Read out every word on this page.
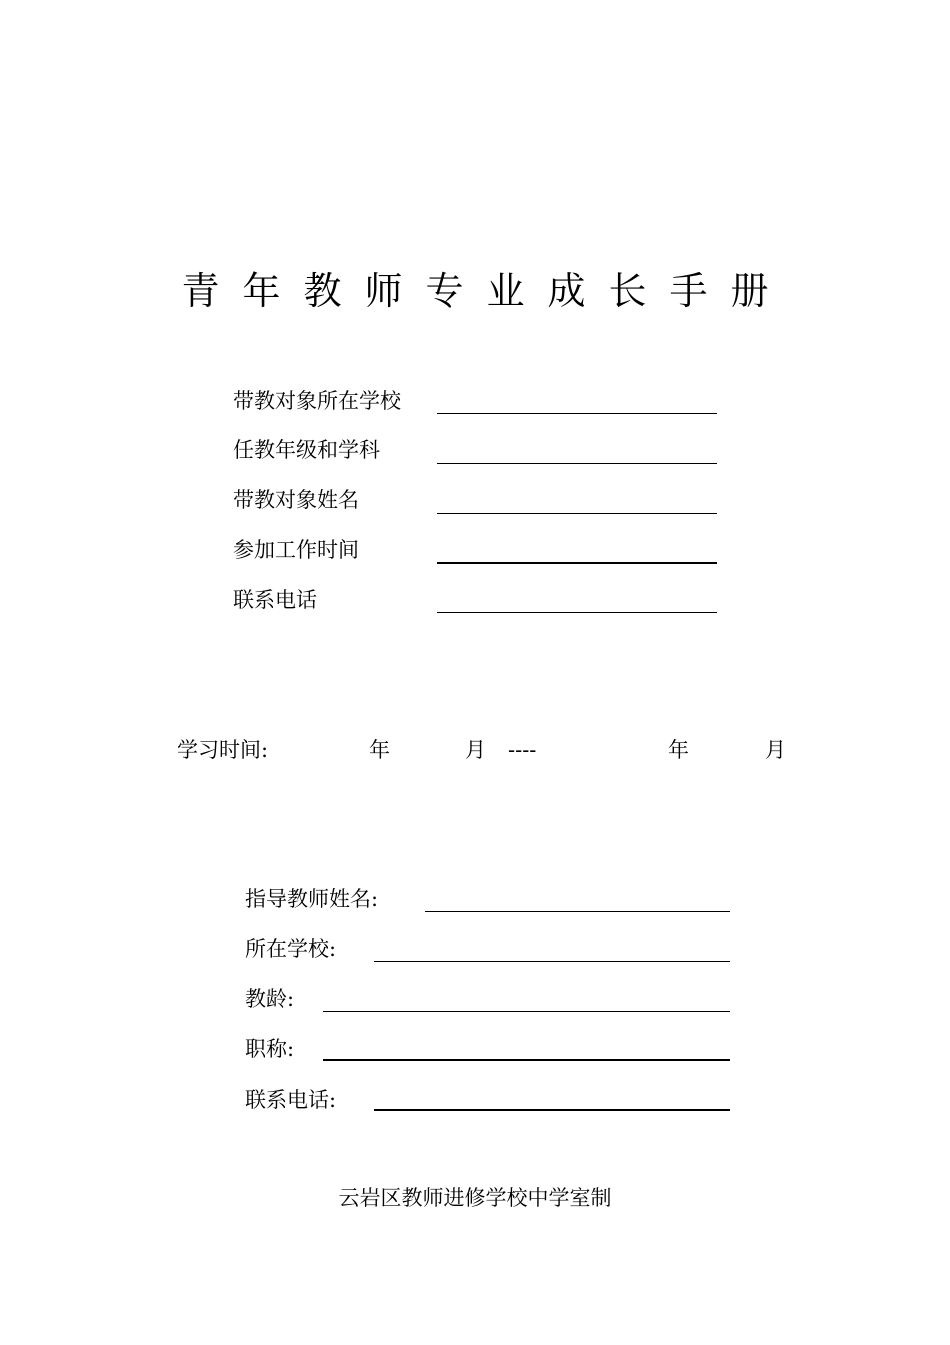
青年教师专业成长手册
带教对象所在学校
任教年级和学科
带教对象姓名
参加工作时间
联系电话
学习时间:	年	月 ----	年	月
指导教师姓名:
所在学校:
教龄:
职称:
联系电话:
云岩区教师进修学校中学室制
